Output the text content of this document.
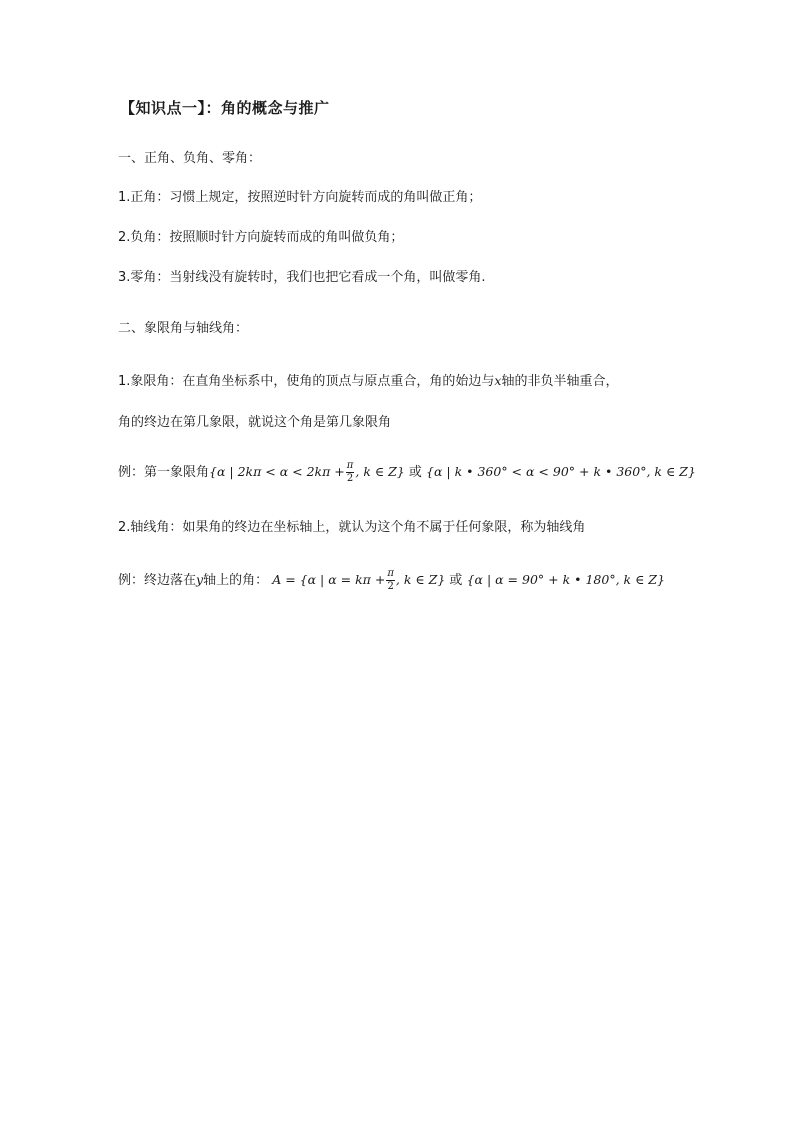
【知识点一】：角的概念与推广
一、正角、负角、零角：
1.正角：习惯上规定，按照逆时针方向旋转而成的角叫做正角；
2.负角：按照顺时针方向旋转而成的角叫做负角；
3.零角：当射线没有旋转时，我们也把它看成一个角，叫做零角.
二、象限角与轴线角：
1.象限角：在直角坐标系中，使角的顶点与原点重合，角的始边与x轴的非负半轴重合，
角的终边在第几象限，就说这个角是第几象限角
例：第一象限角{α | $2k\pi < \alpha < 2k\pi + \frac{\pi}{2}$ , k ∈ Z} 或 {α | k • 360° < α < 90° + k • 360°, k ∈ Z}
2.轴线角：如果角的终边在坐标轴上，就认为这个角不属于任何象限，称为轴线角
例：终边落在y轴上的角： A = {α | $\alpha = k\pi + \frac{\pi}{2}$ , k ∈ Z} 或 {α | α = 90° + k • 180°, k ∈ Z}
